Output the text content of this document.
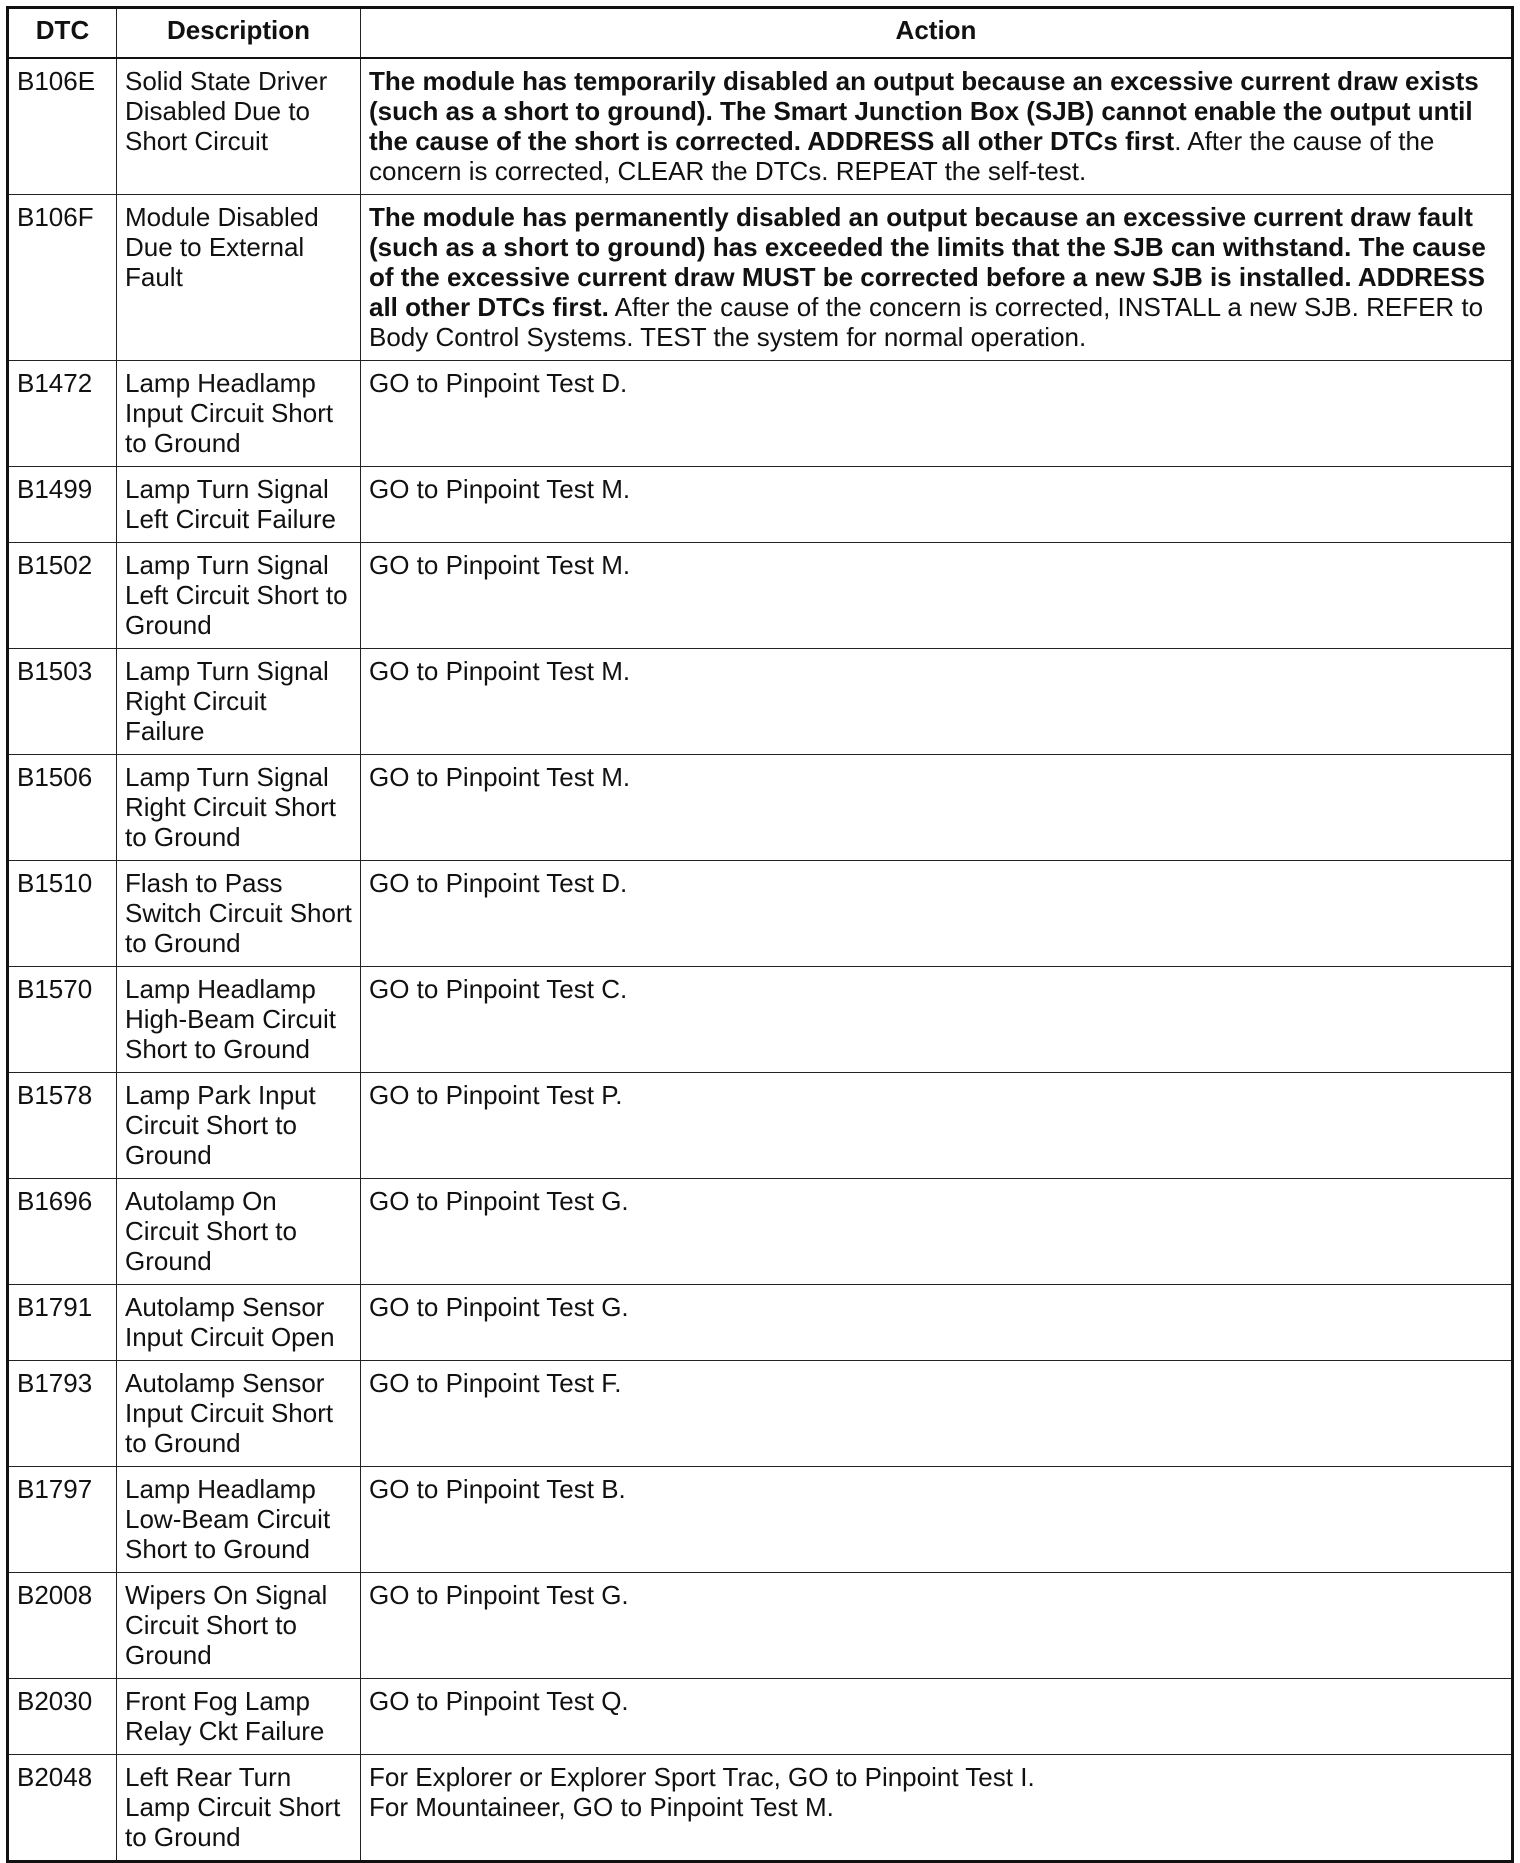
DTC	Description	Action
B106E	Solid State Driver Disabled Due to Short Circuit	The module has temporarily disabled an output because an excessive current draw exists (such as a short to ground). The Smart Junction Box (SJB) cannot enable the output until the cause of the short is corrected. ADDRESS all other DTCs first. After the cause of the concern is corrected, CLEAR the DTCs. REPEAT the self-test.
B106F	Module Disabled Due to External Fault	The module has permanently disabled an output because an excessive current draw fault (such as a short to ground) has exceeded the limits that the SJB can withstand. The cause of the excessive current draw MUST be corrected before a new SJB is installed. ADDRESS all other DTCs first. After the cause of the concern is corrected, INSTALL a new SJB. REFER to Body Control Systems. TEST the system for normal operation.
B1472	Lamp Headlamp Input Circuit Short to Ground	GO to Pinpoint Test D.
B1499	Lamp Turn Signal Left Circuit Failure	GO to Pinpoint Test M.
B1502	Lamp Turn Signal Left Circuit Short to Ground	GO to Pinpoint Test M.
B1503	Lamp Turn Signal Right Circuit Failure	GO to Pinpoint Test M.
B1506	Lamp Turn Signal Right Circuit Short to Ground	GO to Pinpoint Test M.
B1510	Flash to Pass Switch Circuit Short to Ground	GO to Pinpoint Test D.
B1570	Lamp Headlamp High-Beam Circuit Short to Ground	GO to Pinpoint Test C.
B1578	Lamp Park Input Circuit Short to Ground	GO to Pinpoint Test P.
B1696	Autolamp On Circuit Short to Ground	GO to Pinpoint Test G.
B1791	Autolamp Sensor Input Circuit Open	GO to Pinpoint Test G.
B1793	Autolamp Sensor Input Circuit Short to Ground	GO to Pinpoint Test F.
B1797	Lamp Headlamp Low-Beam Circuit Short to Ground	GO to Pinpoint Test B.
B2008	Wipers On Signal Circuit Short to Ground	GO to Pinpoint Test G.
B2030	Front Fog Lamp Relay Ckt Failure	GO to Pinpoint Test Q.
B2048	Left Rear Turn Lamp Circuit Short to Ground	For Explorer or Explorer Sport Trac, GO to Pinpoint Test I.
For Mountaineer, GO to Pinpoint Test M.
